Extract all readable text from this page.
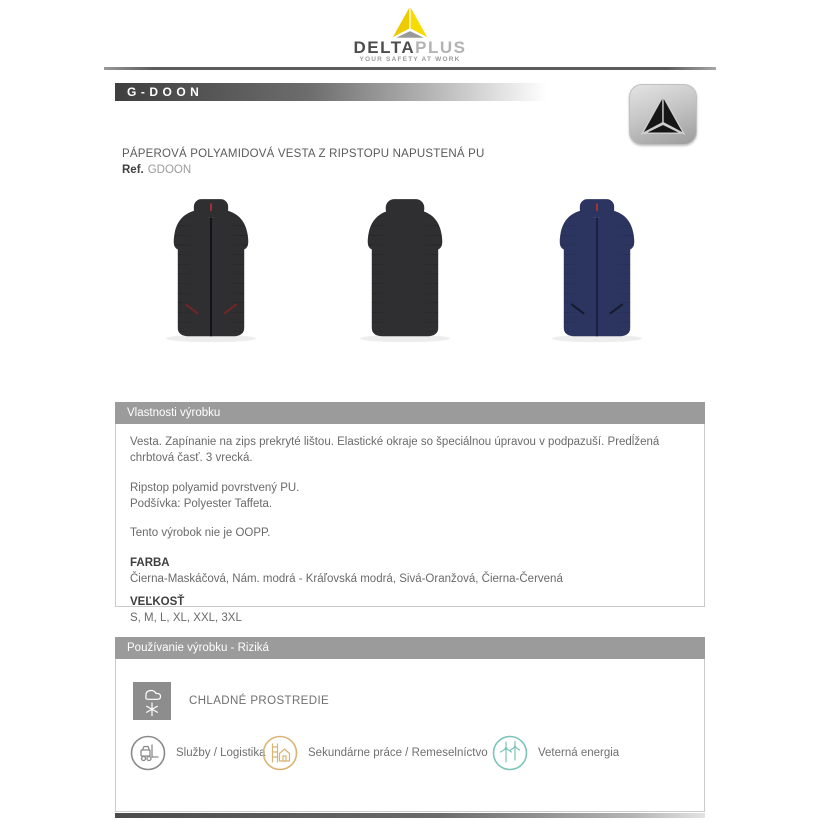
DELTAPLUS
YOUR SAFETY AT WORK
G-DOON
PÁPEROVÁ POLYAMIDOVÁ VESTA Z RIPSTOPU NAPUSTENÁ PU
Ref. GDOON
Vlastnosti výrobku

Vesta. Zapínanie na zips prekryté lištou. Elastické okraje so špeciálnou úpravou v podpazuší. Predĺžená chrbtová časť. 3 vrecká.

Ripstop polyamid povrstvený PU.
Podšívka: Polyester Taffeta.

Tento výrobok nie je OOPP.

FARBA
Čierna-Maskáčová, Nám. modrá - Kráľovská modrá, Sivá-Oranžová, Čierna-Červená
VEĽKOSŤ
S, M, L, XL, XXL, 3XL
Používanie výrobku - Riziká
CHLADNÉ PROSTREDIE
Služby / Logistika	Sekundárne práce / Remeselníctvo	Veterná energia
